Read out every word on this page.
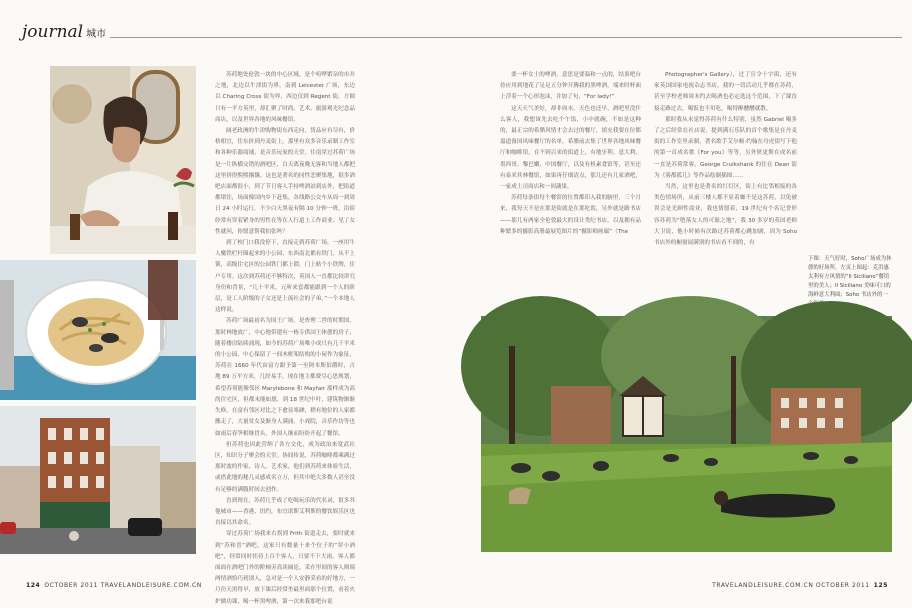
journal 城市

苏荷地处伦敦一块的中心区域，是个喧哗繁杂的市井之地，北边以牛津街为界，南到 Leicester 广场，东边以 Charing Cross 街为界，西边仅到 Regent 街，方圆只有一平方英里，却汇聚了时尚、艺术、旅游观光纪念品商店，以及世界各地的风味餐馆。

阔老政洲的牛津购物街东西走向，货品应有尽有，价格相宜，往东折到丹麦街上，那里有众多音乐录制工作室和各种乐器商铺，是音乐玩家的天堂。往南穿过苏荷广场是一片纵横交错的酒吧区，白天离夜晚无客和当地人都把这里挤得熙熙攘攘。这也是著名的同性恋聚集地，很多酒吧店面都很小，到了节日客人手持啤酒站到店外，把街道都堵住，场面像国内乡下赶集。各线路公交车从周一到周日 24 小时运行，不少白天黑夜有隔 10 分钟一班，沿街经常有穿着紧身的男性在等在人行道上工作商业、见了女性就问，你愿意帮我拍张吗？

到了校门口我没停下，直接走到苏荷广场，一座用牛人魔铁栏杆圈起来的小公园，东西南北都有铁门，从不上锁，高级住宅区的公园铁门都上锁，门上贴个小铁牌，住户专用。这次到苏荷还不够特次，英国人一直都比较讲究身份和背景，“几十平米，元听来套都能跟到一个人的阶层，是工人阶级的子女还是上流社会的子弟，”一个本地人这样说。

苏荷广场最初名为国王广场，是查理二世的时期国，那时林地放广，中心地带建有一栋专供国王休憩的房子，随着楼房陆续涌现，如今的苏荷广场唯小成只有几千平米的小公园，中心保留了一间木框架结构的小屋作为象征，苏荷在 1660 年代由富方跟予第一至阿本斯伯爵时，占地 89 万平方米，几经易手，现在地主都费尽心思规划，希望苏荷能像邻区 Marylebone 和 Mayfair 那样成为高尚住宅区，但都未能如愿，到 18 世纪中叶，建筑物渐渐失修，在富有邻区对比之下愈显寒碜，稍有地位的人家都搬走了，大量贫女及渐身人满涌，小戏院，音乐作坊等也如雨后春笋相继冒头，外国人继而纷纷开起了餐馆。

但苏荷也因此营纳了各方文化，成为政治来宽武社区，知识分子聚会的天堂。协间传说，苏荷咖啡都乘满过那时波的作家、诗人、艺术家，他们到苏荷来体验生活，或借此地的秘几灵感成名立万，但其中绝大多数人甚至没有足够的满腹时间去创作。

直到现在，苏荷几乎成了吃喝玩乐的代名词，很多其他城市——香港、纽约，布宜诺斯艾利斯的餐饮娱乐区也直接以其命名。

穿过苏荷广场我来右拐到 Frith 街道走去，要时就来到“苏和喜”酒吧，这家只有数量十来个位子的“穿小酒吧”，经常同时挂待上百个客人，只要不下大雨，客人都面面在酒吧门外的阶梯旁高谈阔论，采在里间的客人则端两情酒恰巧到别人，急对是一个人安静采看的好地方，一月份天黑得早，放下课后经常坐最里面那个位置，看着火炉做功课，喝一杯黑啤酒，第一次来我那吧台说

要一杯女士的啤酒，意思是要温和一点的，结果吧台侍应用到地花了足足五分钟开腾我的黑啤酒，端来时杯面上浮着一个心形泡沫，并加了句，“For lady!”

这天天气美好，却非周末，天色也还早，酒吧里没什么客人，我想该先去吃个午饭，小中就碗，不如是这种的，最正宗的希腊风情才会去过的餐厅，填充我要在位都嘉道备国风味餐厅的名单，希腊前去集了世界各地风味餐厅和咖啡馆，在不到百米的街道上，有地牙利、意大利、墨西哥、黎巴嫩、中国餐厅，以及有机素食馆等，甚至还有泰米其林餐馆，如果再仔细清点，那儿还有几家酒吧，一家成土司商店和一间蔬果。

苏荷每条街每个餐馆的位置都印入我的脑里，三个月来，我每天不是在那是街就是在那吃饭，另外就是路书店——那儿有两家全伦敦最大的设计类纪书店，以及拥有品种繁多的摄影高册最展览图片的“摄影师画廊”（The

Photographer's Gallery），过了宣令十字街，还有家英国国家电视杂志书店，我的一切活动几乎都在苏荷，甚至学校老师周末约去喝酒也必定选这个范围，下了课直接走路过去，喝饭也不用吃，喝得醉醺醺就散。

那时我从未觉得苏荷有什么特别，虽然 Gabriel 喝多了之后经常在社店说，提到满石乐队的首个歌集是在丹麦街的工作室里录制，著名歌手艾尔顿·约翰在舟虎街写下他的第一首成名歌《For you》等等，另外狄更斯在成名前一直是苏荷常客，George Cruikshank 的住在 Dean 街为《雾都孤儿》等作品绘制插图……

当然，这里也是著名的红灯区，街上有比邻相接的各类色情场所，从前三楼人都不显着嫌不是这苏荷，以免被误会是光顾性商业，我也情愿着，19 世纪有个名记誉形容苏荷为“堕落女人的可耻之地”，我 30 多岁的英国老师大卫说，他小时候有次路过苏荷都心跳加剧，因为 Soho 书店外的橱窗展满别的书店看不到的，有

下图：天气好时，Soho广场成为休憩的好场所。左页上图起：克洪惠太利有方风情的“Il Siciliano”餐馆里的美人；Il Siciliano 美味可口的海鲜意大利面；Soho 书店外的一
124 OCTOBER 2011 TRAVELANDLEISURE.COM.CN	TRAVELANDLEISURE.COM.CN OCTOBER 2011 125
